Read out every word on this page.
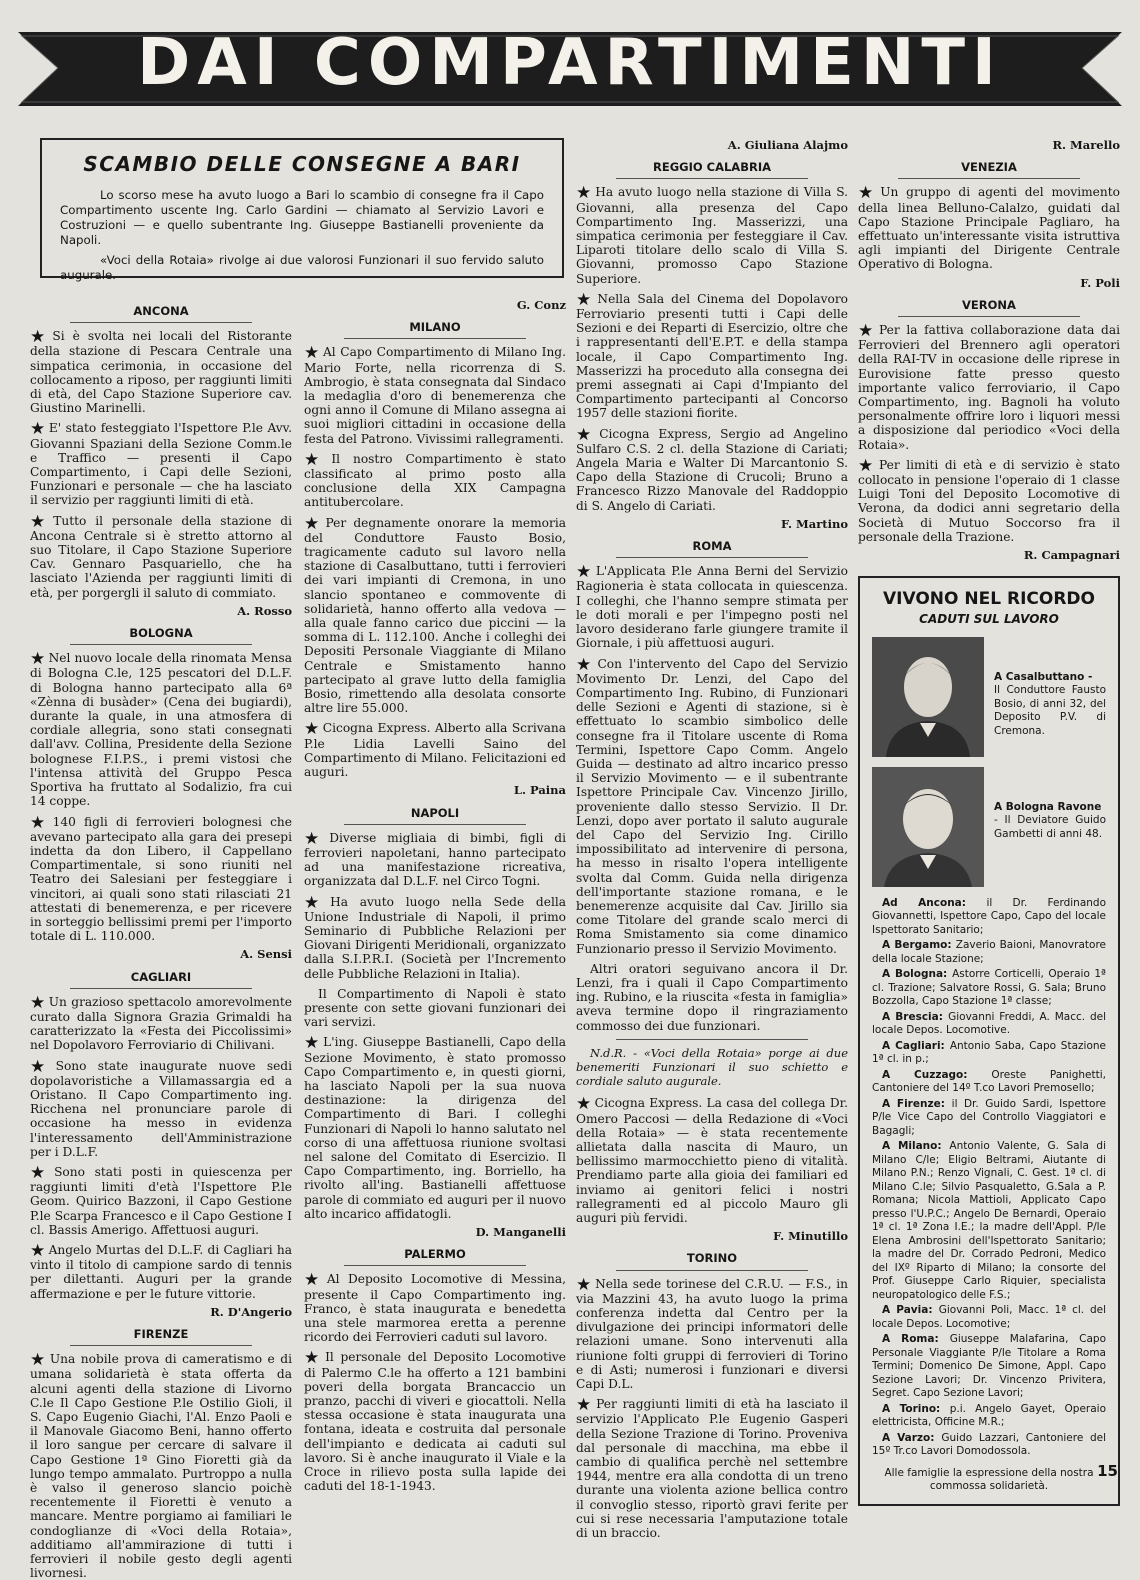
DAI COMPARTIMENTI
SCAMBIO DELLE CONSEGNE A BARI

Lo scorso mese ha avuto luogo a Bari lo scambio di consegne fra il Capo Compartimento uscente Ing. Carlo Gardini — chiamato al Servizio Lavori e Costruzioni — e quello subentrante Ing. Giuseppe Bastianelli proveniente da Napoli.

«Voci della Rotaia» rivolge ai due valorosi Funzionari il suo fervido saluto augurale.

ANCONA
★ Si è svolta nei locali del Ristorante della stazione di Pescara Centrale una simpatica cerimonia, in occasione del collocamento a riposo, per raggiunti limiti di età, del Capo Stazione Superiore cav. Giustino Marinelli.
★ E' stato festeggiato l'Ispettore P.le Avv. Giovanni Spaziani della Sezione Comm.le e Traffico — presenti il Capo Compartimento, i Capi delle Sezioni, Funzionari e personale — che ha lasciato il servizio per raggiunti limiti di età.
★ Tutto il personale della stazione di Ancona Centrale si è stretto attorno al suo Titolare, il Capo Stazione Superiore Cav. Gennaro Pasquariello, che ha lasciato l'Azienda per raggiunti limiti di età, per porgergli il saluto di commiato.
A. Rosso
BOLOGNA
★ Nel nuovo locale della rinomata Mensa di Bologna C.le, 125 pescatori del D.L.F. di Bologna hanno partecipato alla 6ª «Zènna di busàder» (Cena dei bugiardi), durante la quale, in una atmosfera di cordiale allegria, sono stati consegnati dall'avv. Collina, Presidente della Sezione bolognese F.I.P.S., i premi vistosi che l'intensa attività del Gruppo Pesca Sportiva ha fruttato al Sodalizio, fra cui 14 coppe.
★ 140 figli di ferrovieri bolognesi che avevano partecipato alla gara dei presepi indetta da don Libero, il Cappellano Compartimentale, si sono riuniti nel Teatro dei Salesiani per festeggiare i vincitori, ai quali sono stati rilasciati 21 attestati di benemerenza, e per ricevere in sorteggio bellissimi premi per l'importo totale di L. 110.000.
A. Sensi
CAGLIARI
★ Un grazioso spettacolo amorevolmente curato dalla Signora Grazia Grimaldi ha caratterizzato la «Festa dei Piccolissimi» nel Dopolavoro Ferroviario di Chilivani.
★ Sono state inaugurate nuove sedi dopolavoristiche a Villamassargia ed a Oristano. Il Capo Compartimento ing. Ricchena nel pronunciare parole di occasione ha messo in evidenza l'interessamento dell'Amministrazione per i D.L.F.
★ Sono stati posti in quiescenza per raggiunti limiti d'età l'Ispettore P.le Geom. Quirico Bazzoni, il Capo Gestione P.le Scarpa Francesco e il Capo Gestione I cl. Bassis Amerigo. Affettuosi auguri.
★ Angelo Murtas del D.L.F. di Cagliari ha vinto il titolo di campione sardo di tennis per dilettanti. Auguri per la grande affermazione e per le future vittorie.
R. D'Angerio
FIRENZE
★ Una nobile prova di cameratismo e di umana solidarietà è stata offerta da alcuni agenti della stazione di Livorno C.le Il Capo Gestione P.le Ostilio Gioli, il S. Capo Eugenio Giachi, l'Al. Enzo Paoli e il Manovale Giacomo Beni, hanno offerto il loro sangue per cercare di salvare il Capo Gestione 1ª Gino Fioretti già da lungo tempo ammalato. Purtroppo a nulla è valso il generoso slancio poichè recentemente il Fioretti è venuto a mancare. Mentre porgiamo ai familiari le condoglianze di «Voci della Rotaia», additiamo all'ammirazione di tutti i ferrovieri il nobile gesto degli agenti livornesi.
G. Conz
MILANO
★ Al Capo Compartimento di Milano Ing. Mario Forte, nella ricorrenza di S. Ambrogio, è stata consegnata dal Sindaco la medaglia d'oro di benemerenza che ogni anno il Comune di Milano assegna ai suoi migliori cittadini in occasione della festa del Patrono. Vivissimi rallegramenti.
★ Il nostro Compartimento è stato classificato al primo posto alla conclusione della XIX Campagna antitubercolare.
★ Per degnamente onorare la memoria del Conduttore Fausto Bosio, tragicamente caduto sul lavoro nella stazione di Casalbuttano, tutti i ferrovieri dei vari impianti di Cremona, in uno slancio spontaneo e commovente di solidarietà, hanno offerto alla vedova — alla quale fanno carico due piccini — la somma di L. 112.100. Anche i colleghi dei Depositi Personale Viaggiante di Milano Centrale e Smistamento hanno partecipato al grave lutto della famiglia Bosio, rimettendo alla desolata consorte altre lire 55.000.
★ Cicogna Express. Alberto alla Scrivana P.le Lidia Lavelli Saino del Compartimento di Milano. Felicitazioni ed auguri.
L. Paina
NAPOLI
★ Diverse migliaia di bimbi, figli di ferrovieri napoletani, hanno partecipato ad una manifestazione ricreativa, organizzata dal D.L.F. nel Circo Togni.
★ Ha avuto luogo nella Sede della Unione Industriale di Napoli, il primo Seminario di Pubbliche Relazioni per Giovani Dirigenti Meridionali, organizzato dalla S.I.P.R.I. (Società per l'Incremento delle Pubbliche Relazioni in Italia).
Il Compartimento di Napoli è stato presente con sette giovani funzionari dei vari servizi.
★ L'ing. Giuseppe Bastianelli, Capo della Sezione Movimento, è stato promosso Capo Compartimento e, in questi giorni, ha lasciato Napoli per la sua nuova destinazione: la dirigenza del Compartimento di Bari. I colleghi Funzionari di Napoli lo hanno salutato nel corso di una affettuosa riunione svoltasi nel salone del Comitato di Esercizio. Il Capo Compartimento, ing. Borriello, ha rivolto all'ing. Bastianelli affettuose parole di commiato ed auguri per il nuovo alto incarico affidatogli.
D. Manganelli
PALERMO
★ Al Deposito Locomotive di Messina, presente il Capo Compartimento ing. Franco, è stata inaugurata e benedetta una stele marmorea eretta a perenne ricordo dei Ferrovieri caduti sul lavoro.
★ Il personale del Deposito Locomotive di Palermo C.le ha offerto a 121 bambini poveri della borgata Brancaccio un pranzo, pacchi di viveri e giocattoli. Nella stessa occasione è stata inaugurata una fontana, ideata e costruita dal personale dell'impianto e dedicata ai caduti sul lavoro. Si è anche inaugurato il Viale e la Croce in rilievo posta sulla lapide dei caduti del 18-1-1943.
A. Giuliana Alajmo
REGGIO CALABRIA
★ Ha avuto luogo nella stazione di Villa S. Giovanni, alla presenza del Capo Compartimento Ing. Masserizzi, una simpatica cerimonia per festeggiare il Cav. Liparoti titolare dello scalo di Villa S. Giovanni, promosso Capo Stazione Superiore.
★ Nella Sala del Cinema del Dopolavoro Ferroviario presenti tutti i Capi delle Sezioni e dei Reparti di Esercizio, oltre che i rappresentanti dell'E.P.T. e della stampa locale, il Capo Compartimento Ing. Masserizzi ha proceduto alla consegna dei premi assegnati ai Capi d'Impianto del Compartimento partecipanti al Concorso 1957 delle stazioni fiorite.
★ Cicogna Express, Sergio ad Angelino Sulfaro C.S. 2 cl. della Stazione di Cariati; Angela Maria e Walter Di Marcantonio S. Capo della Stazione di Crucoli; Bruno a Francesco Rizzo Manovale del Raddoppio di S. Angelo di Cariati.
F. Martino
ROMA
★ L'Applicata P.le Anna Berni del Servizio Ragioneria è stata collocata in quiescenza. I colleghi, che l'hanno sempre stimata per le doti morali e per l'impegno posti nel lavoro desiderano farle giungere tramite il Giornale, i più affettuosi auguri.
★ Con l'intervento del Capo del Servizio Movimento Dr. Lenzi, del Capo del Compartimento Ing. Rubino, di Funzionari delle Sezioni e Agenti di stazione, si è effettuato lo scambio simbolico delle consegne fra il Titolare uscente di Roma Termini, Ispettore Capo Comm. Angelo Guida — destinato ad altro incarico presso il Servizio Movimento — e il subentrante Ispettore Principale Cav. Vincenzo Jirillo, proveniente dallo stesso Servizio. Il Dr. Lenzi, dopo aver portato il saluto augurale del Capo del Servizio Ing. Cirillo impossibilitato ad intervenire di persona, ha messo in risalto l'opera intelligente svolta dal Comm. Guida nella dirigenza dell'importante stazione romana, e le benemerenze acquisite dal Cav. Jirillo sia come Titolare del grande scalo merci di Roma Smistamento sia come dinamico Funzionario presso il Servizio Movimento.
Altri oratori seguivano ancora il Dr. Lenzi, fra i quali il Capo Compartimento ing. Rubino, e la riuscita «festa in famiglia» aveva termine dopo il ringraziamento commosso dei due funzionari.
N.d.R. - «Voci della Rotaia» porge ai due benemeriti Funzionari il suo schietto e cordiale saluto augurale.
★ Cicogna Express. La casa del collega Dr. Omero Paccosi — della Redazione di «Voci della Rotaia» — è stata recentemente allietata dalla nascita di Mauro, un bellissimo marmocchietto pieno di vitalità. Prendiamo parte alla gioia dei familiari ed inviamo ai genitori felici i nostri rallegramenti ed al piccolo Mauro gli auguri più fervidi.
F. Minutillo
TORINO
★ Nella sede torinese del C.R.U. — F.S., in via Mazzini 43, ha avuto luogo la prima conferenza indetta dal Centro per la divulgazione dei principi informatori delle relazioni umane. Sono intervenuti alla riunione folti gruppi di ferrovieri di Torino e di Asti; numerosi i funzionari e diversi Capi D.L.
★ Per raggiunti limiti di età ha lasciato il servizio l'Applicato P.le Eugenio Gasperi della Sezione Trazione di Torino. Proveniva dal personale di macchina, ma ebbe il cambio di qualifica perchè nel settembre 1944, mentre era alla condotta di un treno durante una violenta azione bellica contro il convoglio stesso, riportò gravi ferite per cui si rese necessaria l'amputazione totale di un braccio.
R. Marello
VENEZIA
★ Un gruppo di agenti del movimento della linea Belluno-Calalzo, guidati dal Capo Stazione Principale Pagliaro, ha effettuato un'interessante visita istruttiva agli impianti del Dirigente Centrale Operativo di Bologna.
F. Poli
VERONA
★ Per la fattiva collaborazione data dai Ferrovieri del Brennero agli operatori della RAI-TV in occasione delle riprese in Eurovisione fatte presso questo importante valico ferroviario, il Capo Compartimento, ing. Bagnoli ha voluto personalmente offrire loro i liquori messi a disposizione dal periodico «Voci della Rotaia».
★ Per limiti di età e di servizio è stato collocato in pensione l'operaio di 1 classe Luigi Toni del Deposito Locomotive di Verona, da dodici anni segretario della Società di Mutuo Soccorso fra il personale della Trazione.
R. Campagnari
VIVONO NEL RICORDO
CADUTI SUL LAVORO
A Casalbuttano -
Il Conduttore Fausto Bosio, di anni 32, del Deposito P.V. di Cremona.
A Bologna Ravone
- Il Deviatore Guido Gambetti di anni 48.

Ad Ancona: il Dr. Ferdinando Giovannetti, Ispettore Capo, Capo del locale Ispettorato Sanitario;

A Bergamo: Zaverio Baioni, Manovratore della locale Stazione;

A Bologna: Astorre Corticelli, Operaio 1ª cl. Trazione; Salvatore Rossi, G. Sala; Bruno Bozzolla, Capo Stazione 1ª classe;

A Brescia: Giovanni Freddi, A. Macc. del locale Depos. Locomotive.

A Cagliari: Antonio Saba, Capo Stazione 1ª cl. in p.;

A Cuzzago: Oreste Panighetti, Cantoniere del 14º T.co Lavori Premosello;

A Firenze: il Dr. Guido Sardi, Ispettore P/le Vice Capo del Controllo Viaggiatori e Bagagli;

A Milano: Antonio Valente, G. Sala di Milano C/le; Eligio Beltrami, Aiutante di Milano P.N.; Renzo Vignali, C. Gest. 1ª cl. di Milano C.le; Silvio Pasqualetto, G.Sala a P. Romana; Nicola Mattioli, Applicato Capo presso l'U.P.C.; Angelo De Bernardi, Operaio 1ª cl. 1ª Zona I.E.; la madre dell'Appl. P/le Elena Ambrosini dell'Ispettorato Sanitario; la madre del Dr. Corrado Pedroni, Medico del IXº Riparto di Milano; la consorte del Prof. Giuseppe Carlo Riquier, specialista neuropatologico delle F.S.;

A Pavia: Giovanni Poli, Macc. 1ª cl. del locale Depos. Locomotive;

A Roma: Giuseppe Malafarina, Capo Personale Viaggiante P/le Titolare a Roma Termini; Domenico De Simone, Appl. Capo Sezione Lavori; Dr. Vincenzo Privitera, Segret. Capo Sezione Lavori;

A Torino: p.i. Angelo Gayet, Operaio elettricista, Officine M.R.;

A Varzo: Guido Lazzari, Cantoniere del 15º Tr.co Lavori Domodossola.

Alle famiglie la espressione della nostra commossa solidarietà.
15
